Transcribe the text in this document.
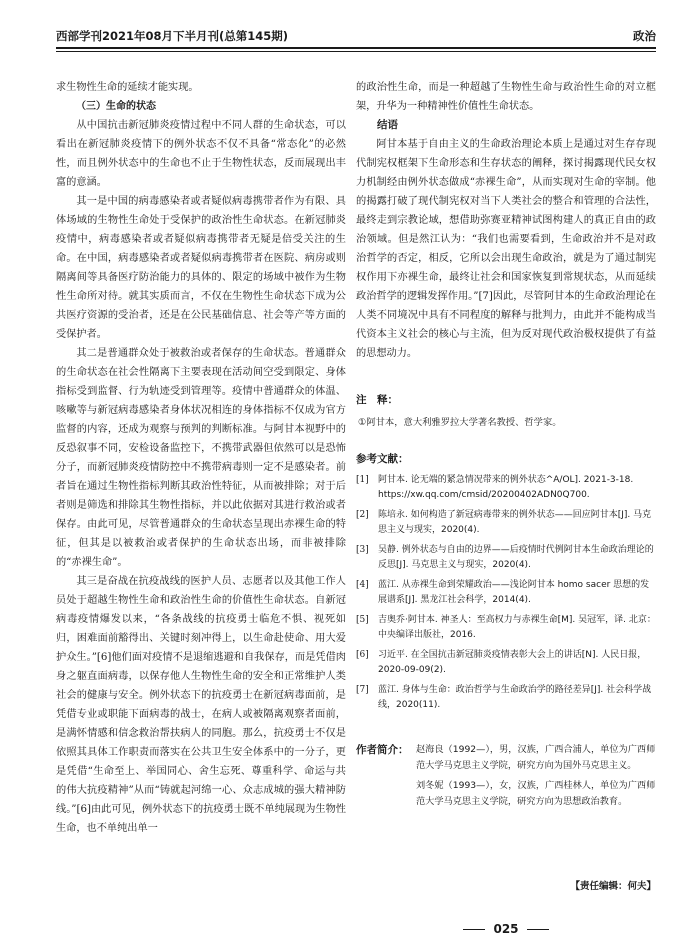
西部学刊2021年08月下半月刊(总第145期)	政治

求生物性生命的延续才能实现。

（三）生命的状态

从中国抗击新冠肺炎疫情过程中不同人群的生命状态，可以看出在新冠肺炎疫情下的例外状态不仅不具备“常态化”的必然性，而且例外状态中的生命也不止于生物性状态，反而展现出丰富的意涵。

其一是中国的病毒感染者或者疑似病毒携带者作为有限、具体场域的生物性生命处于受保护的政治性生命状态。在新冠肺炎疫情中，病毒感染者或者疑似病毒携带者无疑是倍受关注的生命。在中国，病毒感染者或者疑似病毒携带者在医院、病房或则隔离间等具备医疗防治能力的具体的、限定的场域中被作为生物性生命所对待。就其实质而言，不仅在生物性生命状态下成为公共医疗资源的受治者，还是在公民基础信息、社会等产等方面的受保护者。

其二是普通群众处于被救治或者保存的生命状态。普通群众的生命状态在社会性隔离下主要表现在活动间空受到限定、身体指标受到监督、行为轨迹受到管理等。疫情中普通群众的体温、咳嗽等与新冠病毒感染者身体状况相连的身体指标不仅成为官方监督的内容，还成为观察与预判的判断标准。与阿甘本视野中的反恐叙事不同，安检设备监控下，不携带武器但依然可以是恐怖分子，而新冠肺炎疫情防控中不携带病毒则一定不是感染者。前者旨在通过生物性指标判断其政治性特征，从而被排除；对于后者则是筛选和排除其生物性指标，并以此依据对其进行救治或者保存。由此可见，尽管普通群众的生命状态呈现出赤裸生命的特征，但其是以被救治或者保护的生命状态出场，而非被排除的“赤裸生命”。

其三是奋战在抗疫战线的医护人员、志愿者以及其他工作人员处于超越生物性生命和政治性生命的价值性生命状态。自新冠病毒疫情爆发以来，“各条战线的抗疫勇士临危不惧、视死如归，困难面前豁得出、关键时刻冲得上，以生命赴使命、用大爱护众生。”[6]他们面对疫情不是退缩逃避和自我保存，而是凭借肉身之躯直面病毒，以保存他人生物性生命的安全和正常维护人类社会的健康与安全。例外状态下的抗疫勇士在新冠病毒面前，是凭借专业或职能下面病毒的战士，在病人或被隔离观察者面前，是满怀情感和信念救治帮扶病人的同胞。那么，抗疫勇士不仅是依照其具体工作职责而落实在公共卫生安全体系中的一分子，更是凭借“生命至上、举国同心、舍生忘死、尊重科学、命运与共的伟大抗疫精神”从而“铸就起河绵一心、众志成城的强大精神防线。”[6]由此可见，例外状态下的抗疫勇士既不单纯展现为生物性生命，也不单纯出单一

的政治性生命，而是一种超越了生物性生命与政治性生命的对立框架，升华为一种精神性价值性生命状态。

结语

阿甘本基于自由主义的生命政治理论本质上是通过对生存存现代制宪权框架下生命形态和生存状态的阐释，探讨揭露现代民女权力机制经由例外状态做成“赤裸生命”，从而实现对生命的宰制。他的揭露打破了现代制宪权对当下人类社会的整合和管理的合法性，最终走到宗教论域，想借助弥赛亚精神试图构建人的真正自由的政治领域。但是然江认为：“我们也需要看到，生命政治并不是对政治哲学的否定，相反，它所以会出现生命政治，就是为了通过制宪权作用下亦裸生命，最终让社会和国家恢复到常规状态，从而延续政治哲学的逻辑发挥作用。”[7]因此，尽管阿甘本的生命政治理论在人类不同境况中具有不同程度的解释与批判力，由此并不能构成当代资本主义社会的核心与主流，但为反对现代政治极权提供了有益的思想动力。

注　释：
①阿甘本，意大利雅罗拉大学著名教授、哲学家。
参考文献：
[1]	阿甘本. 论无端的紧急情况带来的例外状态^A/OL]. 2021-3-18. https://xw.qq.com/cmsid/20200402ADN0Q700.
[2]	陈培永. 如何构造了新冠病毒带来的例外状态——回应阿甘本[J]. 马克思主义与现实，2020(4).
[3]	吴静. 例外状态与自由的边界——后疫情时代例阿甘本生命政治理论的反思[J]. 马克思主义与现实，2020(4).
[4]	蓝江. 从赤裸生命到荣耀政治——浅论阿甘本 homo sacer 思想的发展谱系[J]. 黑龙江社会科学，2014(4).
[5]	吉奥乔·阿甘本. 神圣人：至高权力与赤裸生命[M]. 吴冠军，译. 北京：中央编译出版社，2016.
[6]	习近平. 在全国抗击新冠肺炎疫情表彰大会上的讲话[N]. 人民日报，2020-09-09(2).
[7]	蓝江. 身体与生命：政治哲学与生命政治学的路径差异[J]. 社会科学战线，2020(11).
作者简介： 赵海良（1992—），男，汉族，广西合浦人，单位为广西师范大学马克思主义学院，研究方向为国外马克思主义。
刘冬妮（1993—），女，汉族，广西桂林人，单位为广西师范大学马克思主义学院，研究方向为思想政治教育。
【责任编辑：何夫】
025
